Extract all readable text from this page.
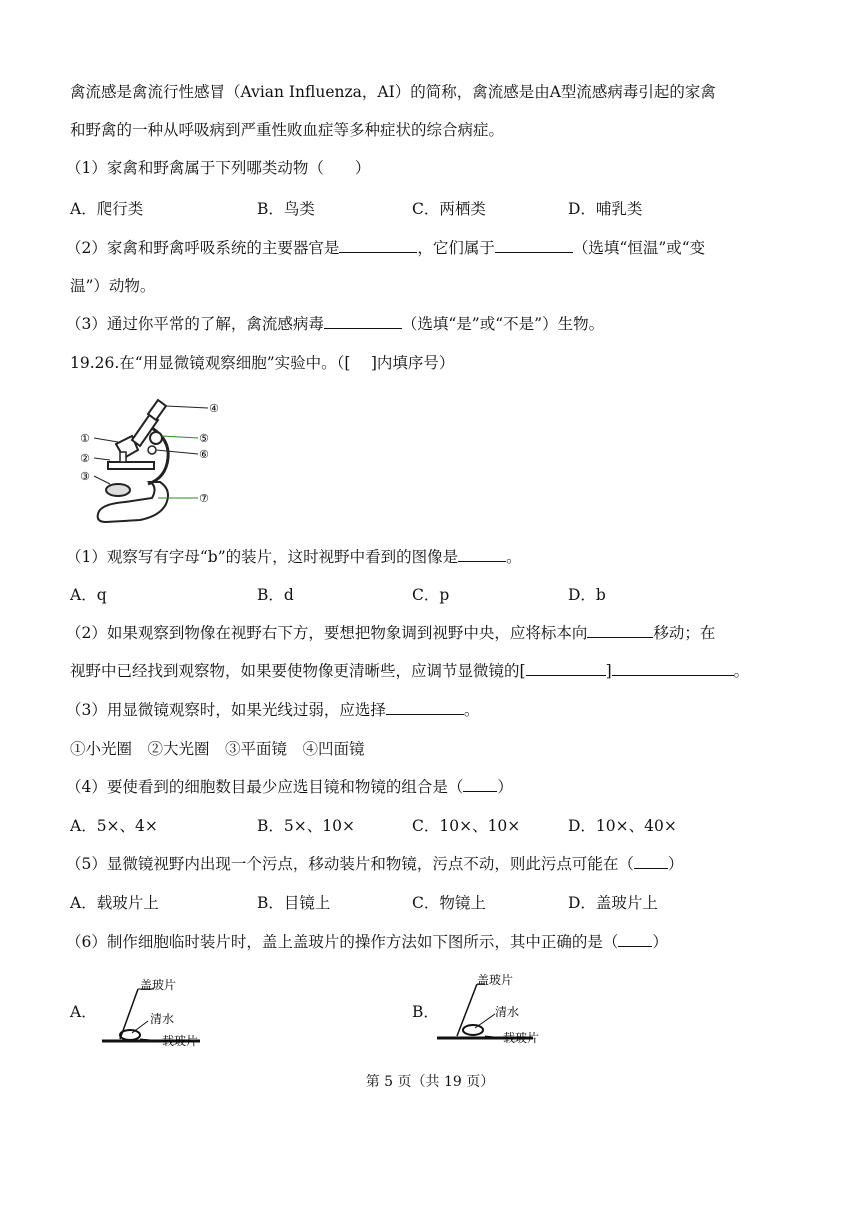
禽流感是禽流行性感冒（Avian Influenza，AI）的简称，禽流感是由A型流感病毒引起的家禽
和野禽的一种从呼吸病到严重性败血症等多种症状的综合病症。
（1）家禽和野禽属于下列哪类动物（　　）
A．爬行类	B．鸟类	C．两栖类	D．哺乳类
（2）家禽和野禽呼吸系统的主要器官是	，它们属于	（选填“恒温”或“变
温”）动物。
（3）通过你平常的了解，禽流感病毒	（选填“是”或“不是”）生物。
19.26.在“用显微镜观察细胞”实验中。（[　 ]内填序号）
①
②
③
④
⑤
⑥
⑦
（1）观察写有字母“b”的装片，这时视野中看到的图像是	。
A．q	B．d	C．p	D．b
（2）如果观察到物像在视野右下方，要想把物象调到视野中央，应将标本向	移动；在
视野中已经找到观察物，如果要使物像更清晰些，应调节显微镜的[	]	。
（3）用显微镜观察时，如果光线过弱，应选择	。
①小光圈　②大光圈　③平面镜　④凹面镜
（4）要使看到的细胞数目最少应选目镜和物镜的组合是（ ）
A．5×、4×	B．5×、10×	C．10×、10×	D．10×、40×
（5）显微镜视野内出现一个污点，移动装片和物镜，污点不动，则此污点可能在（ ）
A．载玻片上	B．目镜上	C．物镜上	D．盖玻片上
（6）制作细胞临时装片时，盖上盖玻片的操作方法如下图所示，其中正确的是（ ）
A．
盖玻片
清水
载玻片
B．
盖玻片
清水
载玻片
第 5 页（共 19 页）
